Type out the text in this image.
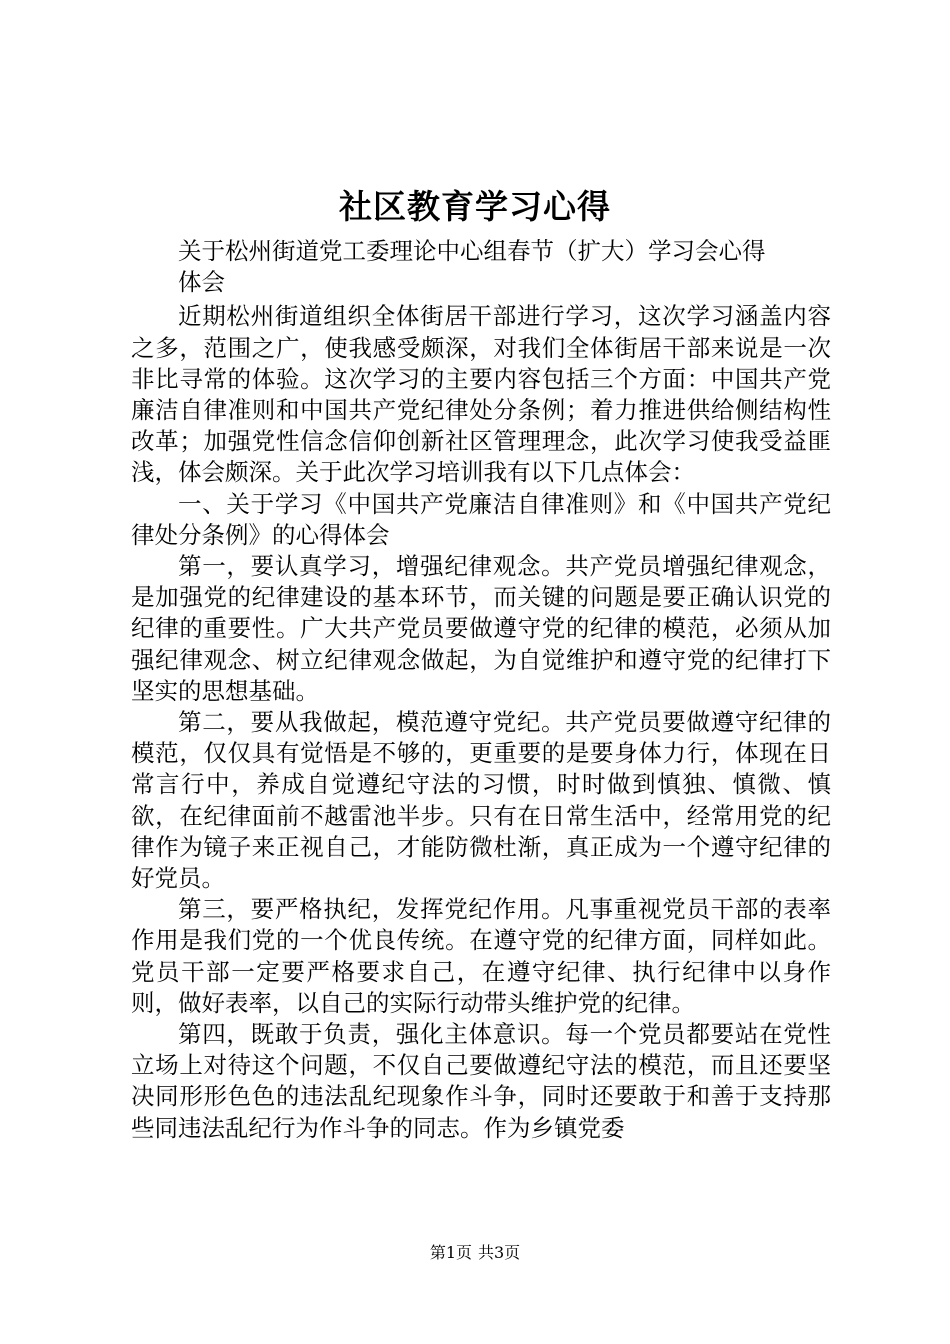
社区教育学习心得

关于松州街道党工委理论中心组春节（扩大）学习会心得体会

近期松州街道组织全体街居干部进行学习，这次学习涵盖内容之多，范围之广，使我感受颇深，对我们全体街居干部来说是一次非比寻常的体验。这次学习的主要内容包括三个方面：中国共产党廉洁自律准则和中国共产党纪律处分条例；着力推进供给侧结构性改革；加强党性信念信仰创新社区管理理念，此次学习使我受益匪浅，体会颇深。关于此次学习培训我有以下几点体会：

一、关于学习《中国共产党廉洁自律准则》和《中国共产党纪律处分条例》的心得体会

第一，要认真学习，增强纪律观念。共产党员增强纪律观念，是加强党的纪律建设的基本环节，而关键的问题是要正确认识党的纪律的重要性。广大共产党员要做遵守党的纪律的模范，必须从加强纪律观念、树立纪律观念做起，为自觉维护和遵守党的纪律打下坚实的思想基础。

第二，要从我做起，模范遵守党纪。共产党员要做遵守纪律的模范，仅仅具有觉悟是不够的，更重要的是要身体力行，体现在日常言行中，养成自觉遵纪守法的习惯，时时做到慎独、慎微、慎欲，在纪律面前不越雷池半步。只有在日常生活中，经常用党的纪律作为镜子来正视自己，才能防微杜渐，真正成为一个遵守纪律的好党员。

第三，要严格执纪，发挥党纪作用。凡事重视党员干部的表率作用是我们党的一个优良传统。在遵守党的纪律方面，同样如此。党员干部一定要严格要求自己，在遵守纪律、执行纪律中以身作则，做好表率，以自己的实际行动带头维护党的纪律。

第四，既敢于负责，强化主体意识。每一个党员都要站在党性立场上对待这个问题，不仅自己要做遵纪守法的模范，而且还要坚决同形形色色的违法乱纪现象作斗争，同时还要敢于和善于支持那些同违法乱纪行为作斗争的同志。作为乡镇党委

第1页 共3页
